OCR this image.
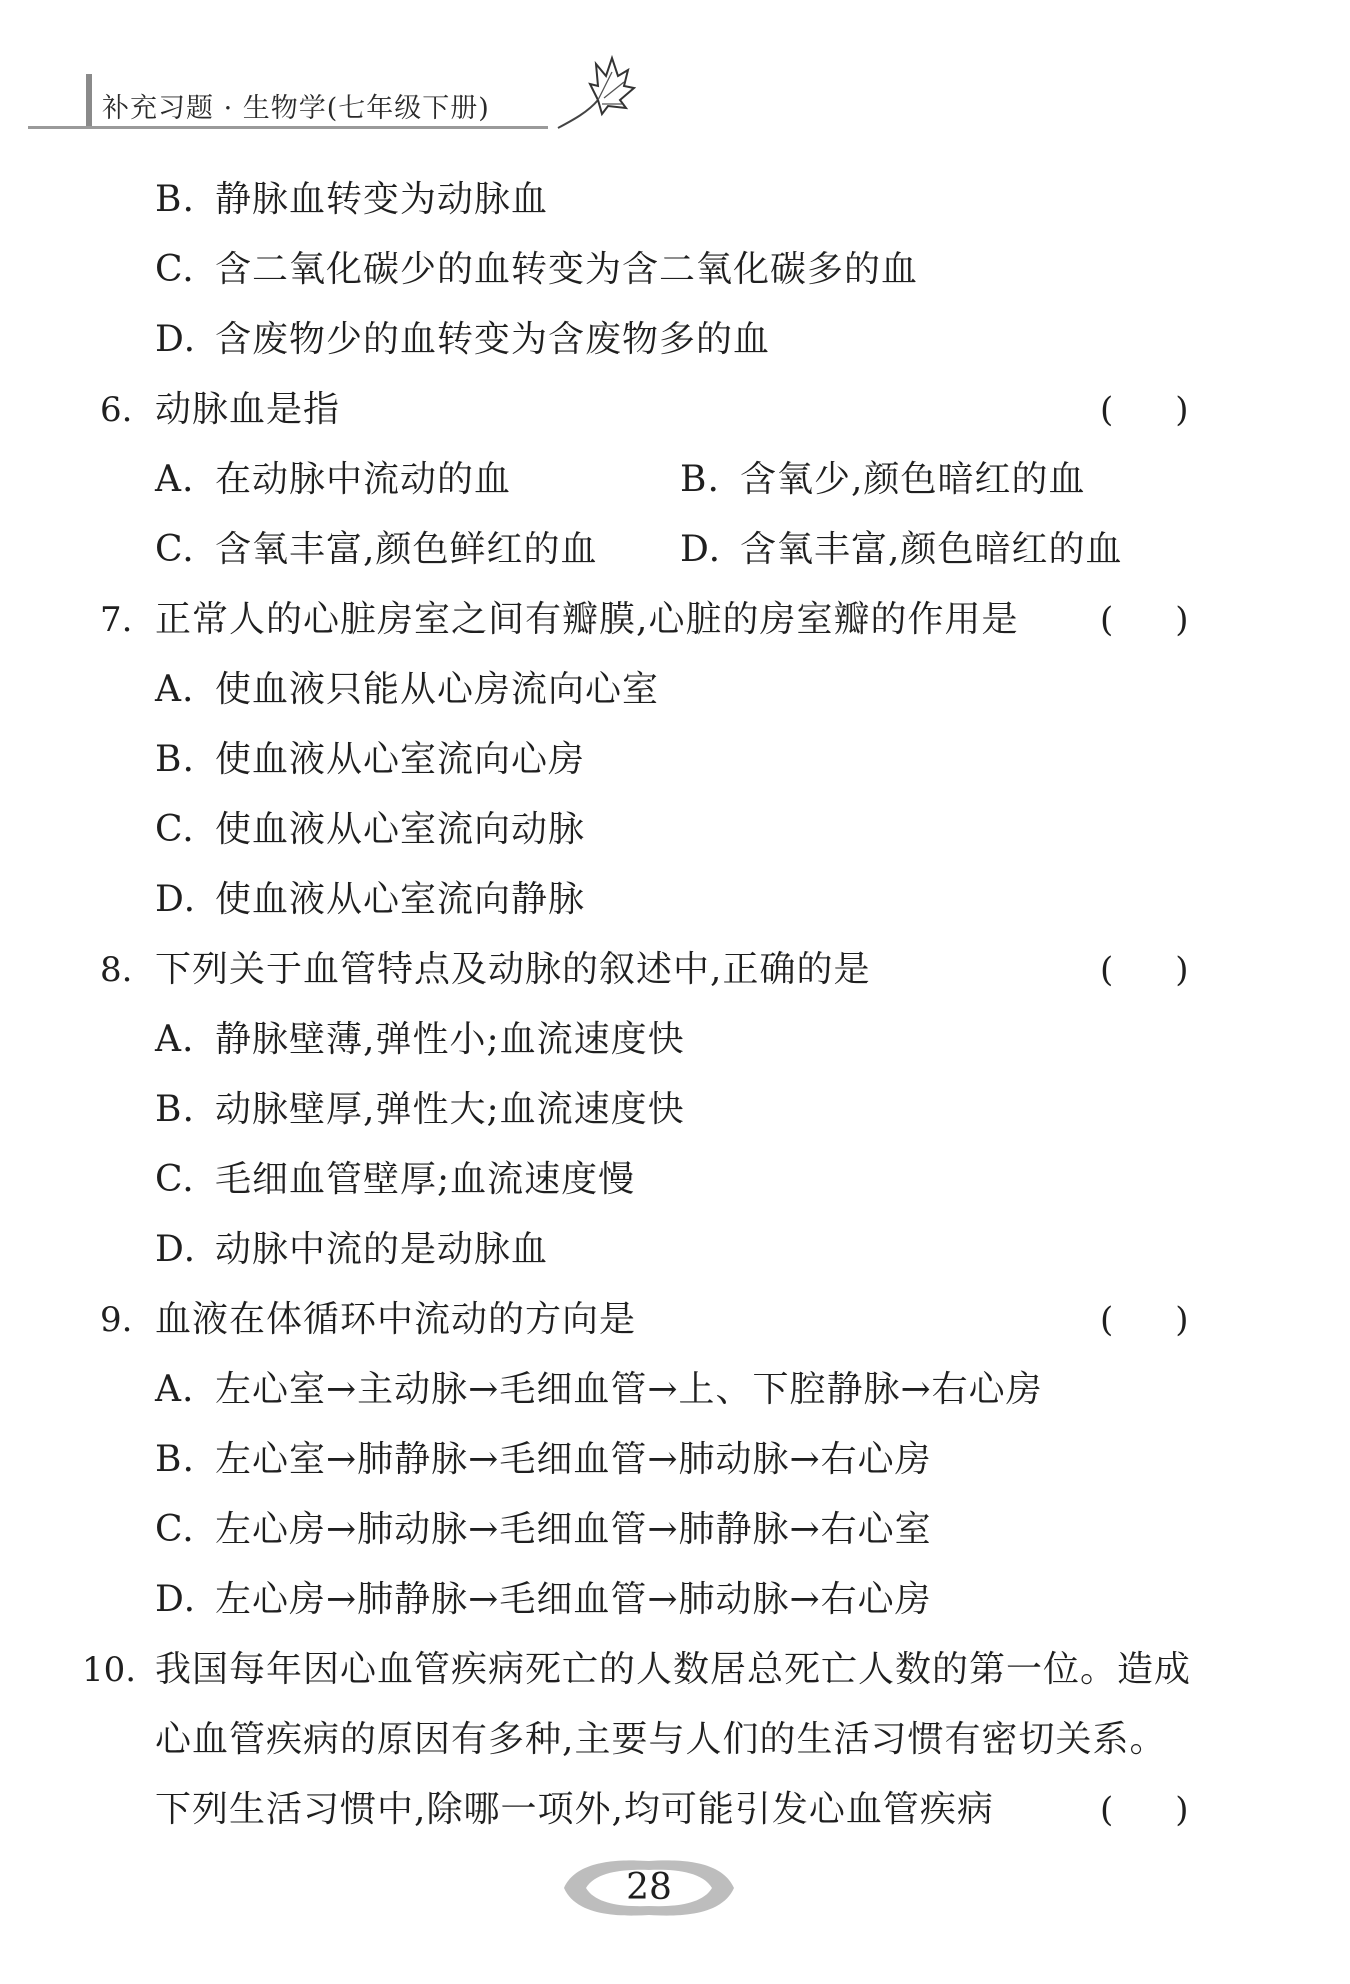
补充习题 · 生物学(七年级下册)
B. 静脉血转变为动脉血
C. 含二氧化碳少的血转变为含二氧化碳多的血
D. 含废物少的血转变为含废物多的血
6. 动脉血是指	( )
A. 在动脉中流动的血	B. 含氧少,颜色暗红的血
C. 含氧丰富,颜色鲜红的血 D. 含氧丰富,颜色暗红的血
7. 正常人的心脏房室之间有瓣膜,心脏的房室瓣的作用是 ( )
A. 使血液只能从心房流向心室
B. 使血液从心室流向心房
C. 使血液从心室流向动脉
D. 使血液从心室流向静脉
8. 下列关于血管特点及动脉的叙述中,正确的是	( )
A. 静脉壁薄,弹性小;血流速度快
B. 动脉壁厚,弹性大;血流速度快
C. 毛细血管壁厚;血流速度慢
D. 动脉中流的是动脉血
9. 血液在体循环中流动的方向是	( )
A. 左心室→主动脉→毛细血管→上、下腔静脉→右心房
B. 左心室→肺静脉→毛细血管→肺动脉→右心房
C. 左心房→肺动脉→毛细血管→肺静脉→右心室
D. 左心房→肺静脉→毛细血管→肺动脉→右心房
10. 我国每年因心血管疾病死亡的人数居总死亡人数的第一位。造成
心血管疾病的原因有多种,主要与人们的生活习惯有密切关系。
下列生活习惯中,除哪一项外,均可能引发心血管疾病	( )
28
